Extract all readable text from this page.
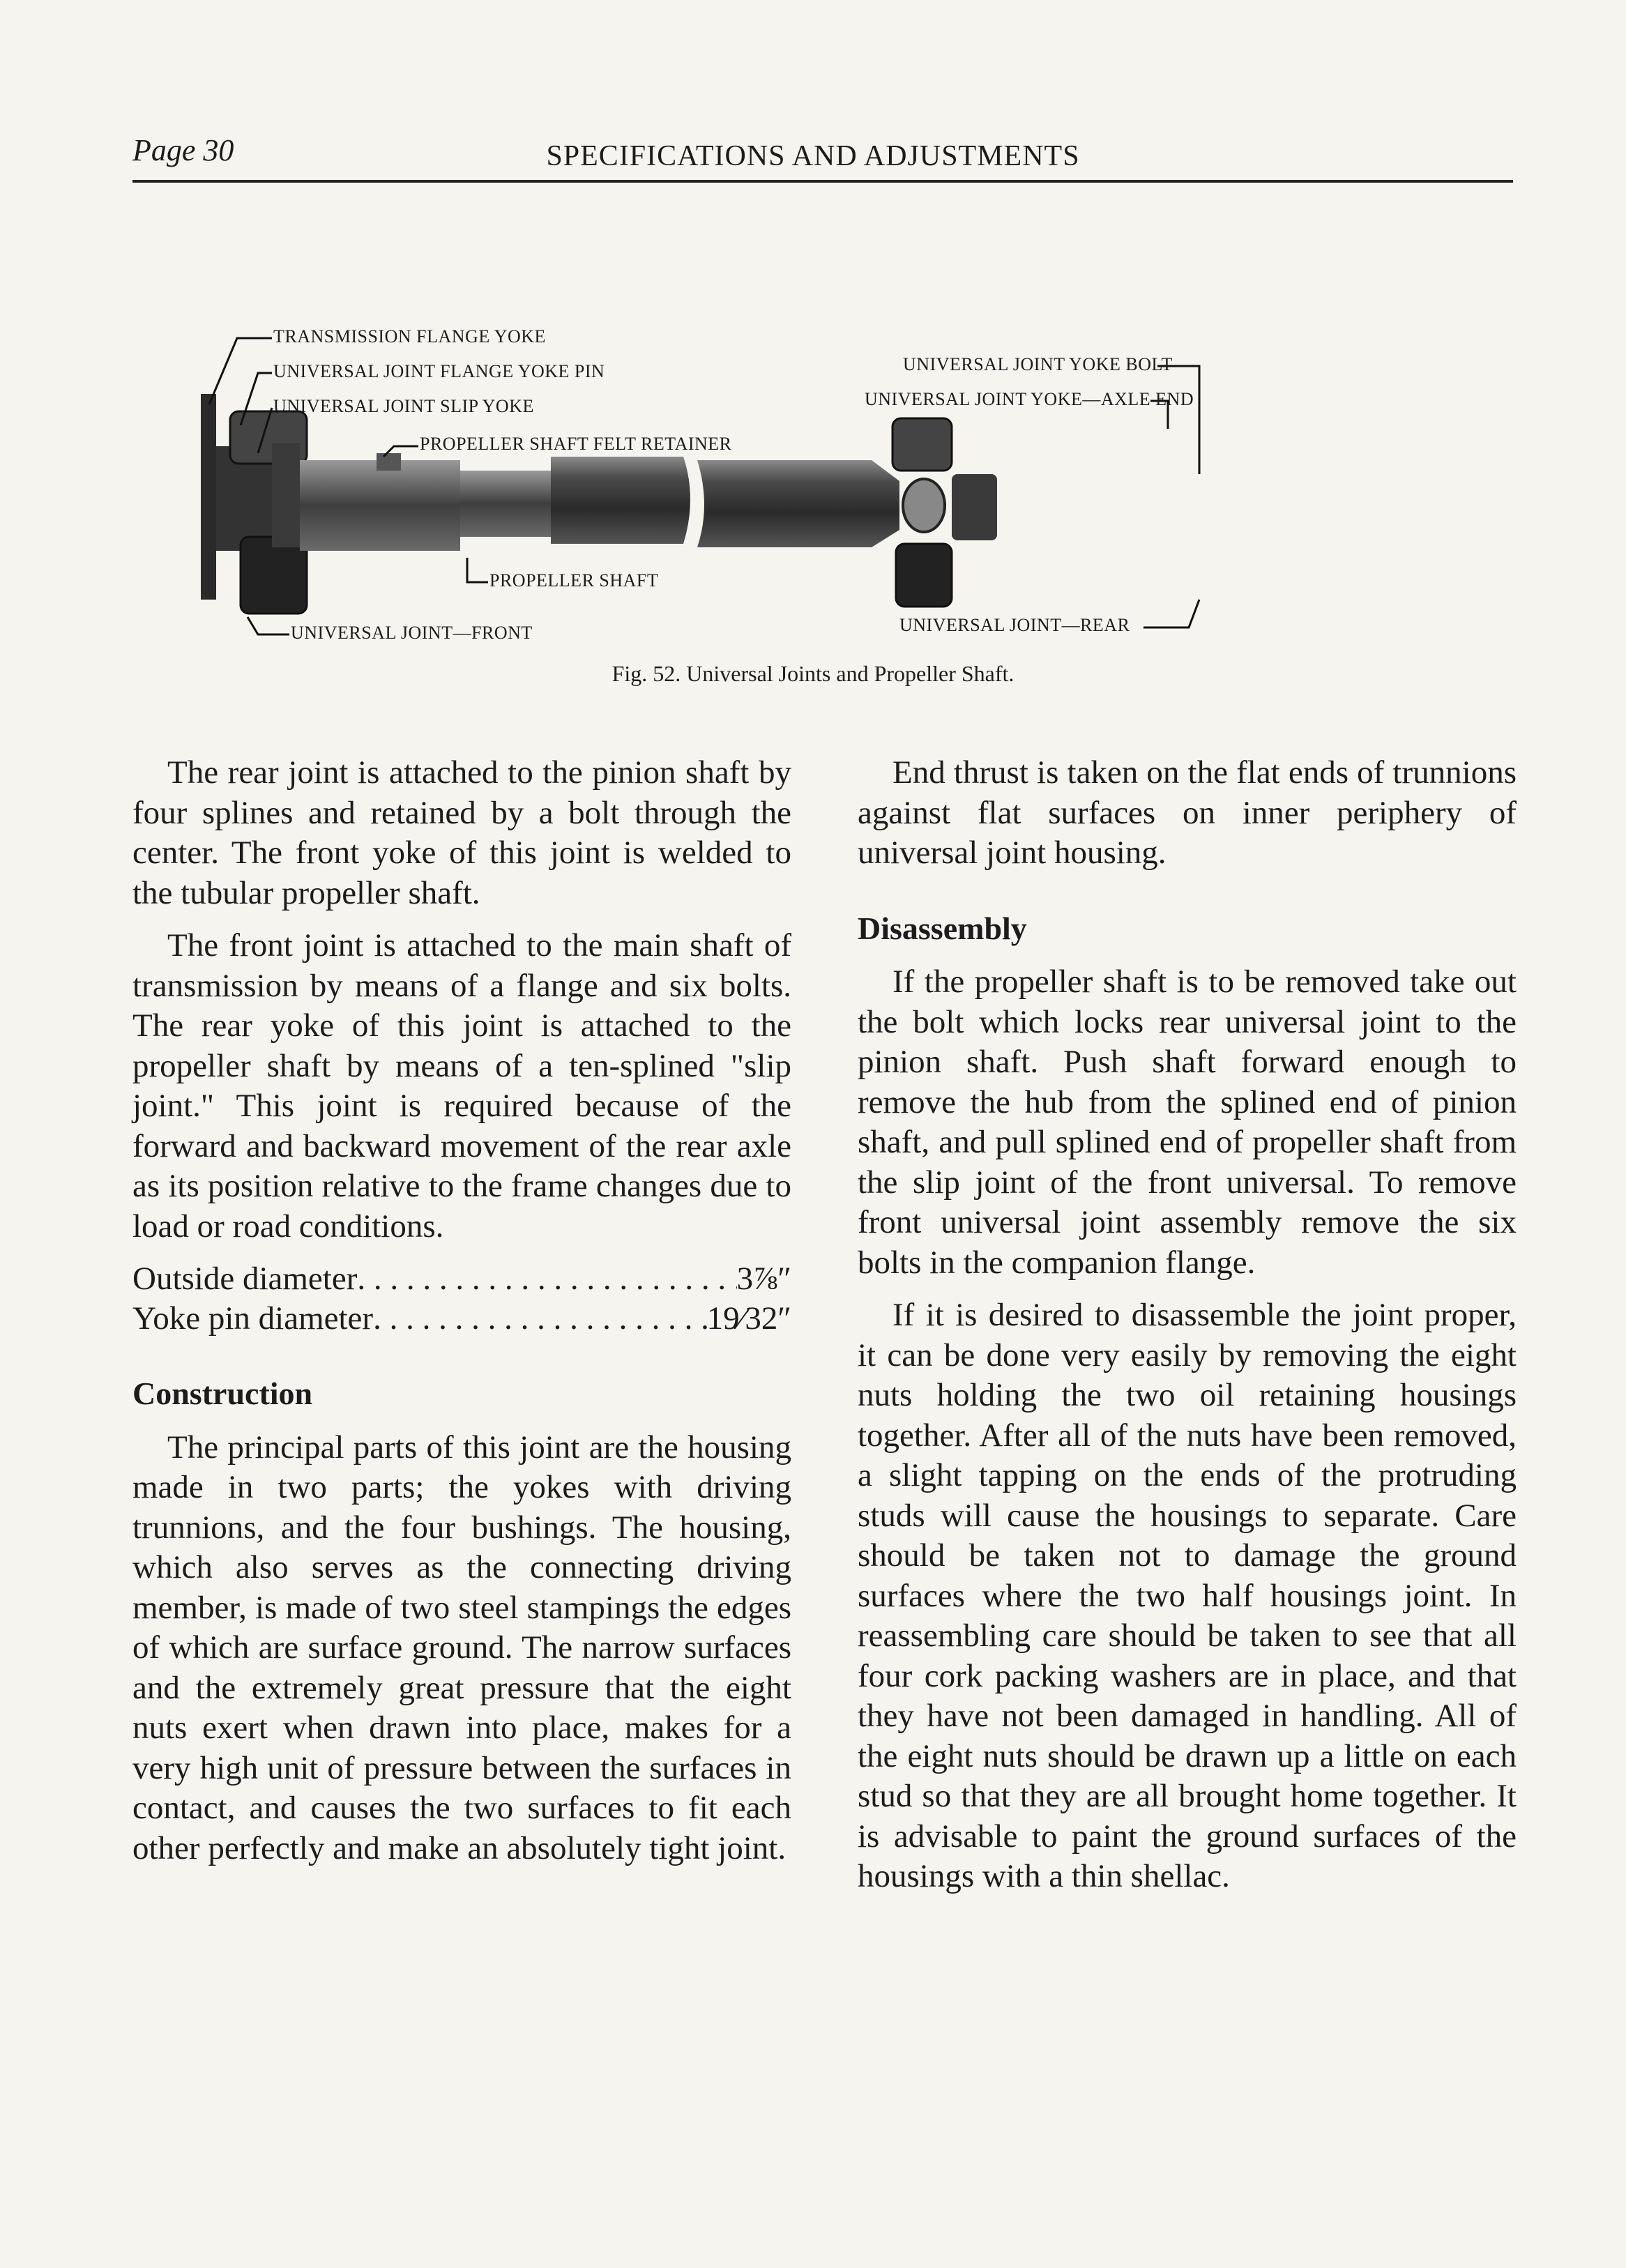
Page 30	SPECIFICATIONS AND ADJUSTMENTS
TRANSMISSION FLANGE YOKE
UNIVERSAL JOINT FLANGE YOKE PIN
UNIVERSAL JOINT SLIP YOKE
PROPELLER SHAFT FELT RETAINER
PROPELLER SHAFT
UNIVERSAL JOINT—FRONT
UNIVERSAL JOINT YOKE BOLT
UNIVERSAL JOINT YOKE—AXLE END
UNIVERSAL JOINT—REAR
Fig. 52. Universal Joints and Propeller Shaft.

The rear joint is attached to the pinion shaft by four splines and retained by a bolt through the center. The front yoke of this joint is welded to the tubular propeller shaft.

The front joint is attached to the main shaft of transmission by means of a flange and six bolts. The rear yoke of this joint is attached to the propeller shaft by means of a ten-splined "slip joint." This joint is required because of the forward and backward movement of the rear axle as its position relative to the frame changes due to load or road conditions.

Outside diameter . . .	3⅞″
Yoke pin diameter . . .	19⁄32″
Construction

The principal parts of this joint are the housing made in two parts; the yokes with driving trunnions, and the four bushings. The housing, which also serves as the connecting driving member, is made of two steel stampings the edges of which are surface ground. The narrow surfaces and the extremely great pressure that the eight nuts exert when drawn into place, makes for a very high unit of pressure between the surfaces in contact, and causes the two surfaces to fit each other perfectly and make an absolutely tight joint.

End thrust is taken on the flat ends of trunnions against flat surfaces on inner periphery of universal joint housing.

Disassembly

If the propeller shaft is to be removed take out the bolt which locks rear universal joint to the pinion shaft. Push shaft forward enough to remove the hub from the splined end of pinion shaft, and pull splined end of propeller shaft from the slip joint of the front universal. To remove front universal joint assembly remove the six bolts in the companion flange.

If it is desired to disassemble the joint proper, it can be done very easily by removing the eight nuts holding the two oil retaining housings together. After all of the nuts have been removed, a slight tapping on the ends of the protruding studs will cause the housings to separate. Care should be taken not to damage the ground surfaces where the two half housings joint. In reassembling care should be taken to see that all four cork packing washers are in place, and that they have not been damaged in handling. All of the eight nuts should be drawn up a little on each stud so that they are all brought home together. It is advisable to paint the ground surfaces of the housings with a thin shellac.
